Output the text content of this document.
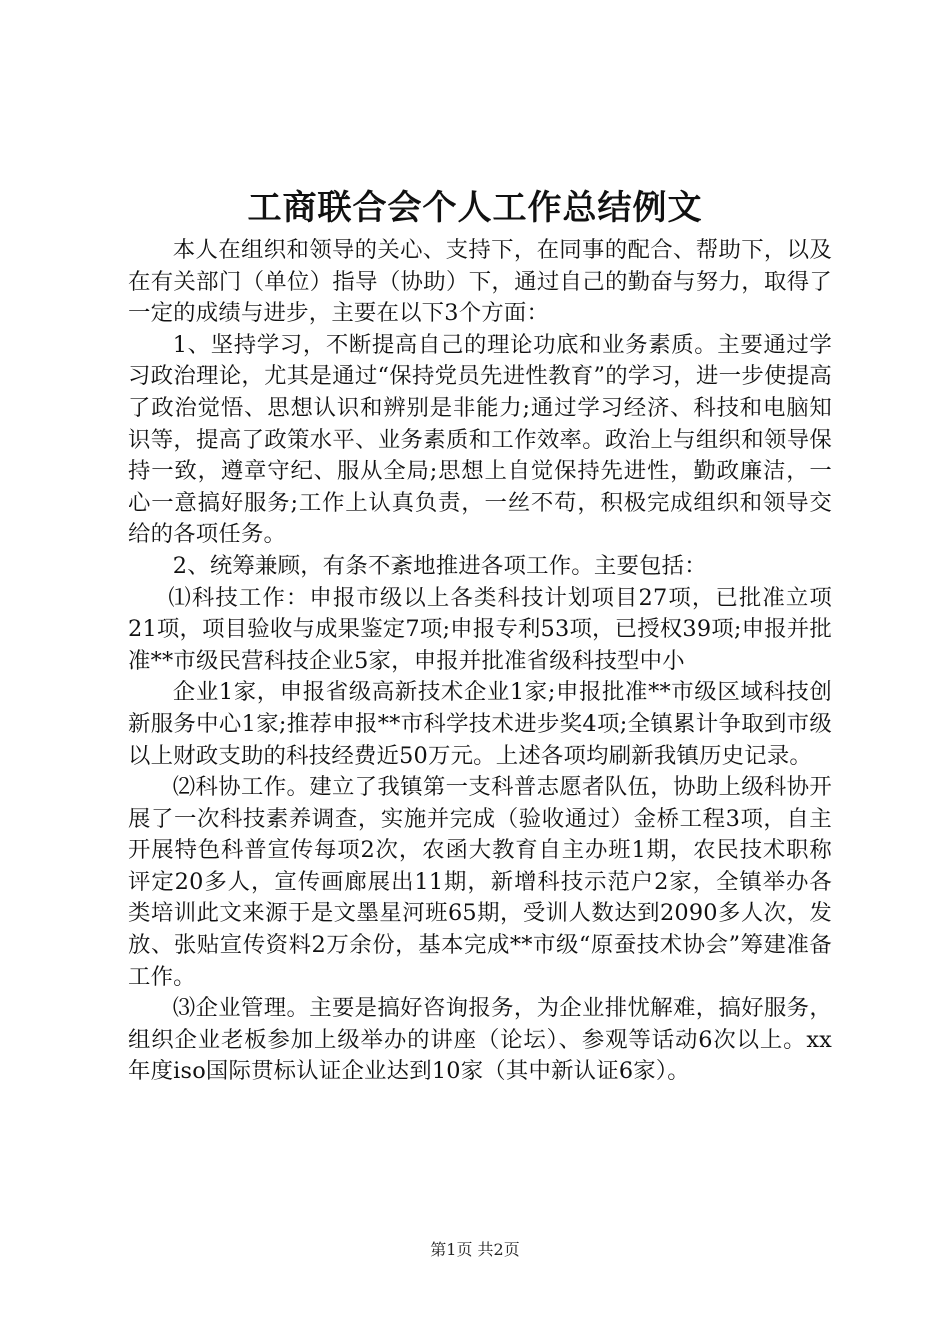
工商联合会个人工作总结例文

本人在组织和领导的关心、支持下，在同事的配合、帮助下，以及在有关部门（单位）指导（协助）下，通过自己的勤奋与努力，取得了一定的成绩与进步，主要在以下3个方面：

1、坚持学习，不断提高自己的理论功底和业务素质。主要通过学习政治理论，尤其是通过“保持党员先进性教育”的学习，进一步使提高了政治觉悟、思想认识和辨别是非能力;通过学习经济、科技和电脑知识等，提高了政策水平、业务素质和工作效率。政治上与组织和领导保持一致，遵章守纪、服从全局;思想上自觉保持先进性，勤政廉洁，一心一意搞好服务;工作上认真负责，一丝不苟，积极完成组织和领导交给的各项任务。

2、统筹兼顾，有条不紊地推进各项工作。主要包括：

⑴科技工作：申报市级以上各类科技计划项目27项，已批准立项21项，项目验收与成果鉴定7项;申报专利53项，已授权39项;申报并批准**市级民营科技企业5家，申报并批准省级科技型中小

企业1家，申报省级高新技术企业1家;申报批准**市级区域科技创新服务中心1家;推荐申报**市科学技术进步奖4项;全镇累计争取到市级以上财政支助的科技经费近50万元。上述各项均刷新我镇历史记录。

⑵科协工作。建立了我镇第一支科普志愿者队伍，协助上级科协开展了一次科技素养调查，实施并完成（验收通过）金桥工程3项，自主开展特色科普宣传每项2次，农函大教育自主办班1期，农民技术职称评定20多人，宣传画廊展出11期，新增科技示范户2家，全镇举办各类培训此文来源于是文墨星河班65期，受训人数达到2090多人次，发放、张贴宣传资料2万余份，基本完成**市级“原蚕技术协会”筹建准备工作。

⑶企业管理。主要是搞好咨询报务，为企业排忧解难，搞好服务，组织企业老板参加上级举办的讲座（论坛）、参观等话动6次以上。xx年度iso国际贯标认证企业达到10家（其中新认证6家）。

第1页 共2页
